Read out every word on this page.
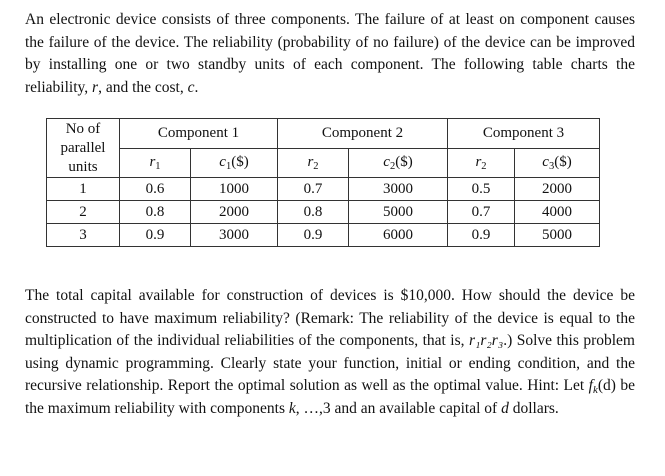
An electronic device consists of three components. The failure of at least on component causes the failure of the device. The reliability (probability of no failure) of the device can be improved by installing one or two standby units of each component. The following table charts the reliability, r, and the cost, c.
No of
parallel
units	Component 1		Component 2		Component 3	
	$r_1$	$c_1(\$)$	$r_2$	$c_2(\$)$	$r_2$	$c_3(\$)$
1	0.6	1000	0.7	3000	0.5	2000
2	0.8	2000	0.8	5000	0.7	4000
3	0.9	3000	0.9	6000	0.9	5000
The total capital available for construction of devices is $10,000. How should the device be constructed to have maximum reliability? (Remark: The reliability of the device is equal to the multiplication of the individual reliabilities of the components, that is, r₁r₂r₃.) Solve this problem using dynamic programming. Clearly state your function, initial or ending condition, and the recursive relationship. Report the optimal solution as well as the optimal value. Hint: Let $f_k(d)$ be the maximum reliability with components k, …,3 and an available capital of d dollars.
